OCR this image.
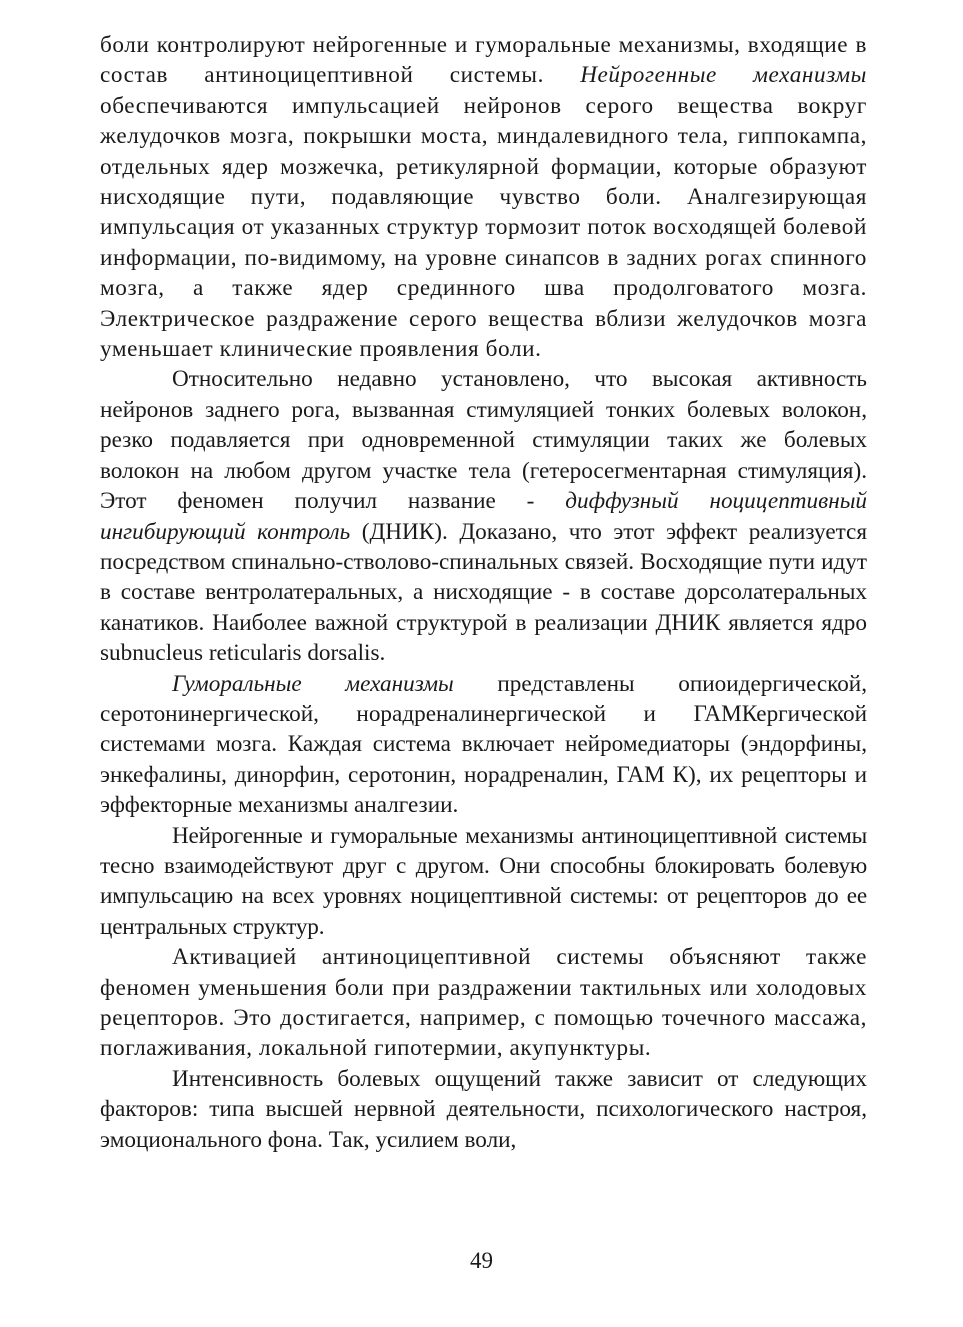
боли контролируют нейрогенные и гуморальные механизмы, входящие в состав антиноцицептивной системы. Нейрогенные механизмы обеспечиваются импульсацией нейронов серого вещества вокруг желудочков мозга, покрышки моста, миндалевидного тела, гиппокампа, отдельных ядер мозжечка, ретикулярной формации, которые образуют нисходящие пути, подавляющие чувство боли. Аналгезирующая импульсация от указанных структур тормозит поток восходящей болевой информации, по-видимому, на уровне синапсов в задних рогах спинного мозга, а также ядер срединного шва продолговатого мозга. Электрическое раздражение серого вещества вблизи желудочков мозга уменьшает клинические проявления боли.

Относительно недавно установлено, что высокая активность нейронов заднего рога, вызванная стимуляцией тонких болевых волокон, резко подавляется при одновременной стимуляции таких же болевых волокон на любом другом участке тела (гетеросегментарная стимуляция). Этот феномен получил название - диффузный ноцицептивный ингибирующий контроль (ДНИК). Доказано, что этот эффект реализуется посредством спинально-стволово-спинальных связей. Восходящие пути идут в составе вентролатеральных, а нисходящие - в составе дорсолатеральных канатиков. Наиболее важной структурой в реализации ДНИК является ядро subnucleus reticularis dorsalis.

Гуморальные механизмы представлены опиоидергической, серотонинергической, норадреналинергической и ГАМКергической системами мозга. Каждая система включает нейромедиаторы (эндорфины, энкефалины, динорфин, серотонин, норадреналин, ГАМ К), их рецепторы и эффекторные механизмы аналгезии.

Нейрогенные и гуморальные механизмы антиноцицептивной системы тесно взаимодействуют друг с другом. Они способны блокировать болевую импульсацию на всех уровнях ноцицептивной системы: от рецепторов до ее центральных структур.

Активацией антиноцицептивной системы объясняют также феномен уменьшения боли при раздражении тактильных или холодовых рецепторов. Это достигается, например, с помощью точечного массажа, поглаживания, локальной гипотермии, акупунктуры.

Интенсивность болевых ощущений также зависит от следующих факторов: типа высшей нервной деятельности, психологического настроя, эмоционального фона. Так, усилием воли,

49
